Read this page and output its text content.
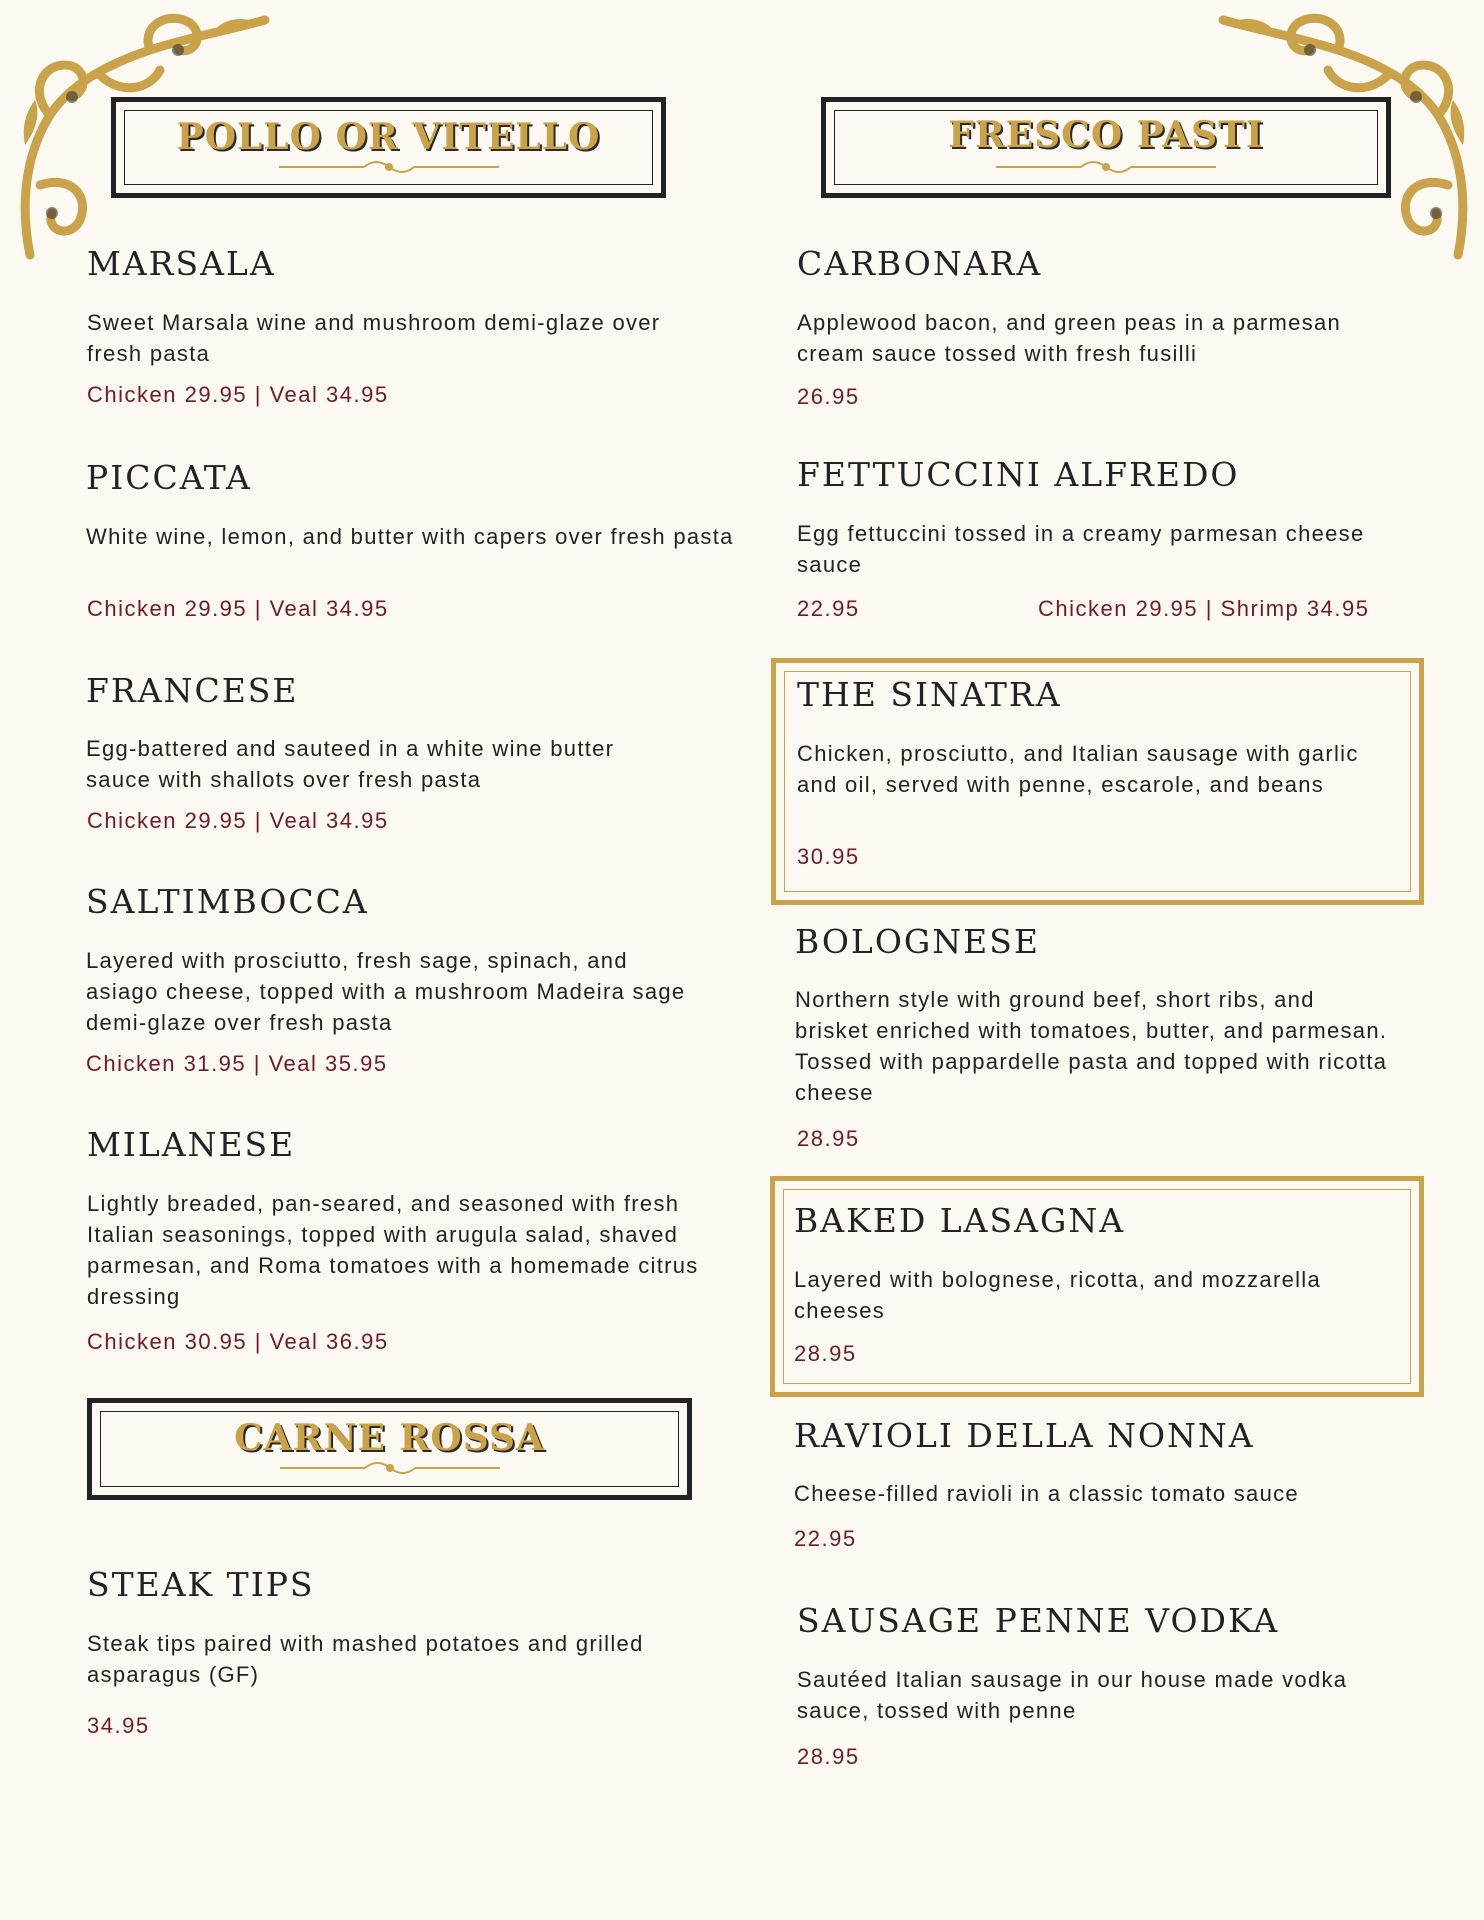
POLLO OR VITELLO	FRESCO PASTI
CARNE ROSSA
MARSALA
Sweet Marsala wine and mushroom demi-glaze over fresh pasta
Chicken 29.95 | Veal 34.95
PICCATA
White wine, lemon, and butter with capers over fresh pasta
Chicken 29.95 | Veal 34.95
FRANCESE
Egg-battered and sauteed in a white wine butter sauce with shallots over fresh pasta
Chicken 29.95 | Veal 34.95
SALTIMBOCCA
Layered with prosciutto, fresh sage, spinach, and asiago cheese, topped with a mushroom Madeira sage demi-glaze over fresh pasta
Chicken 31.95 | Veal 35.95
MILANESE
Lightly breaded, pan-seared, and seasoned with fresh Italian seasonings, topped with arugula salad, shaved parmesan, and Roma tomatoes with a homemade citrus dressing
Chicken 30.95 | Veal 36.95
STEAK TIPS
Steak tips paired with mashed potatoes and grilled asparagus (GF)
34.95
CARBONARA
Applewood bacon, and green peas in a parmesan cream sauce tossed with fresh fusilli
26.95
FETTUCCINI ALFREDO
Egg fettuccini tossed in a creamy parmesan cheese sauce
22.95	Chicken 29.95 | Shrimp 34.95
THE SINATRA
Chicken, prosciutto, and Italian sausage with garlic and oil, served with penne, escarole, and beans
30.95
BOLOGNESE
Northern style with ground beef, short ribs, and brisket enriched with tomatoes, butter, and parmesan. Tossed with pappardelle pasta and topped with ricotta cheese
28.95
BAKED LASAGNA
Layered with bolognese, ricotta, and mozzarella cheeses
28.95
RAVIOLI DELLA NONNA
Cheese-filled ravioli in a classic tomato sauce
22.95
SAUSAGE PENNE VODKA
Sautéed Italian sausage in our house made vodka sauce, tossed with penne
28.95
